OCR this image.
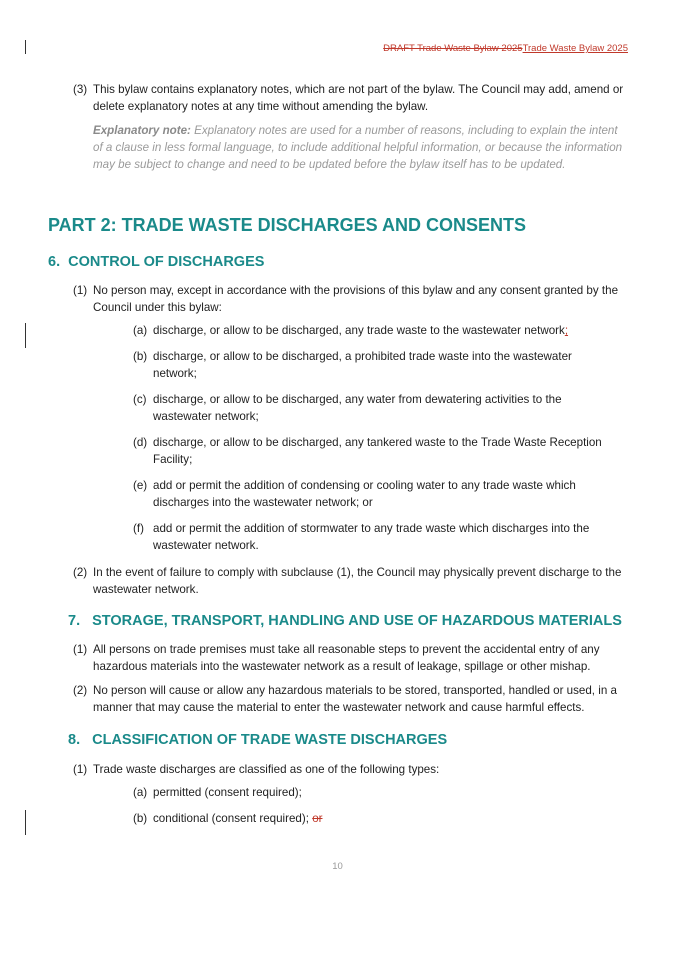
DRAFT Trade Waste Bylaw 2025Trade Waste Bylaw 2025
(3) This bylaw contains explanatory notes, which are not part of the bylaw. The Council may add, amend or delete explanatory notes at any time without amending the bylaw.
Explanatory note: Explanatory notes are used for a number of reasons, including to explain the intent of a clause in less formal language, to include additional helpful information, or because the information may be subject to change and need to be updated before the bylaw itself has to be updated.
PART 2: TRADE WASTE DISCHARGES AND CONSENTS
6. CONTROL OF DISCHARGES
(1) No person may, except in accordance with the provisions of this bylaw and any consent granted by the Council under this bylaw:
(a) discharge, or allow to be discharged, any trade waste to the wastewater network;
(b) discharge, or allow to be discharged, a prohibited trade waste into the wastewater network;
(c) discharge, or allow to be discharged, any water from dewatering activities to the wastewater network;
(d) discharge, or allow to be discharged, any tankered waste to the Trade Waste Reception Facility;
(e) add or permit the addition of condensing or cooling water to any trade waste which discharges into the wastewater network; or
(f) add or permit the addition of stormwater to any trade waste which discharges into the wastewater network.
(2) In the event of failure to comply with subclause (1), the Council may physically prevent discharge to the wastewater network.
7. STORAGE, TRANSPORT, HANDLING AND USE OF HAZARDOUS MATERIALS
(1) All persons on trade premises must take all reasonable steps to prevent the accidental entry of any hazardous materials into the wastewater network as a result of leakage, spillage or other mishap.
(2) No person will cause or allow any hazardous materials to be stored, transported, handled or used, in a manner that may cause the material to enter the wastewater network and cause harmful effects.
8. CLASSIFICATION OF TRADE WASTE DISCHARGES
(1) Trade waste discharges are classified as one of the following types:
(a) permitted (consent required);
(b) conditional (consent required); or
10
